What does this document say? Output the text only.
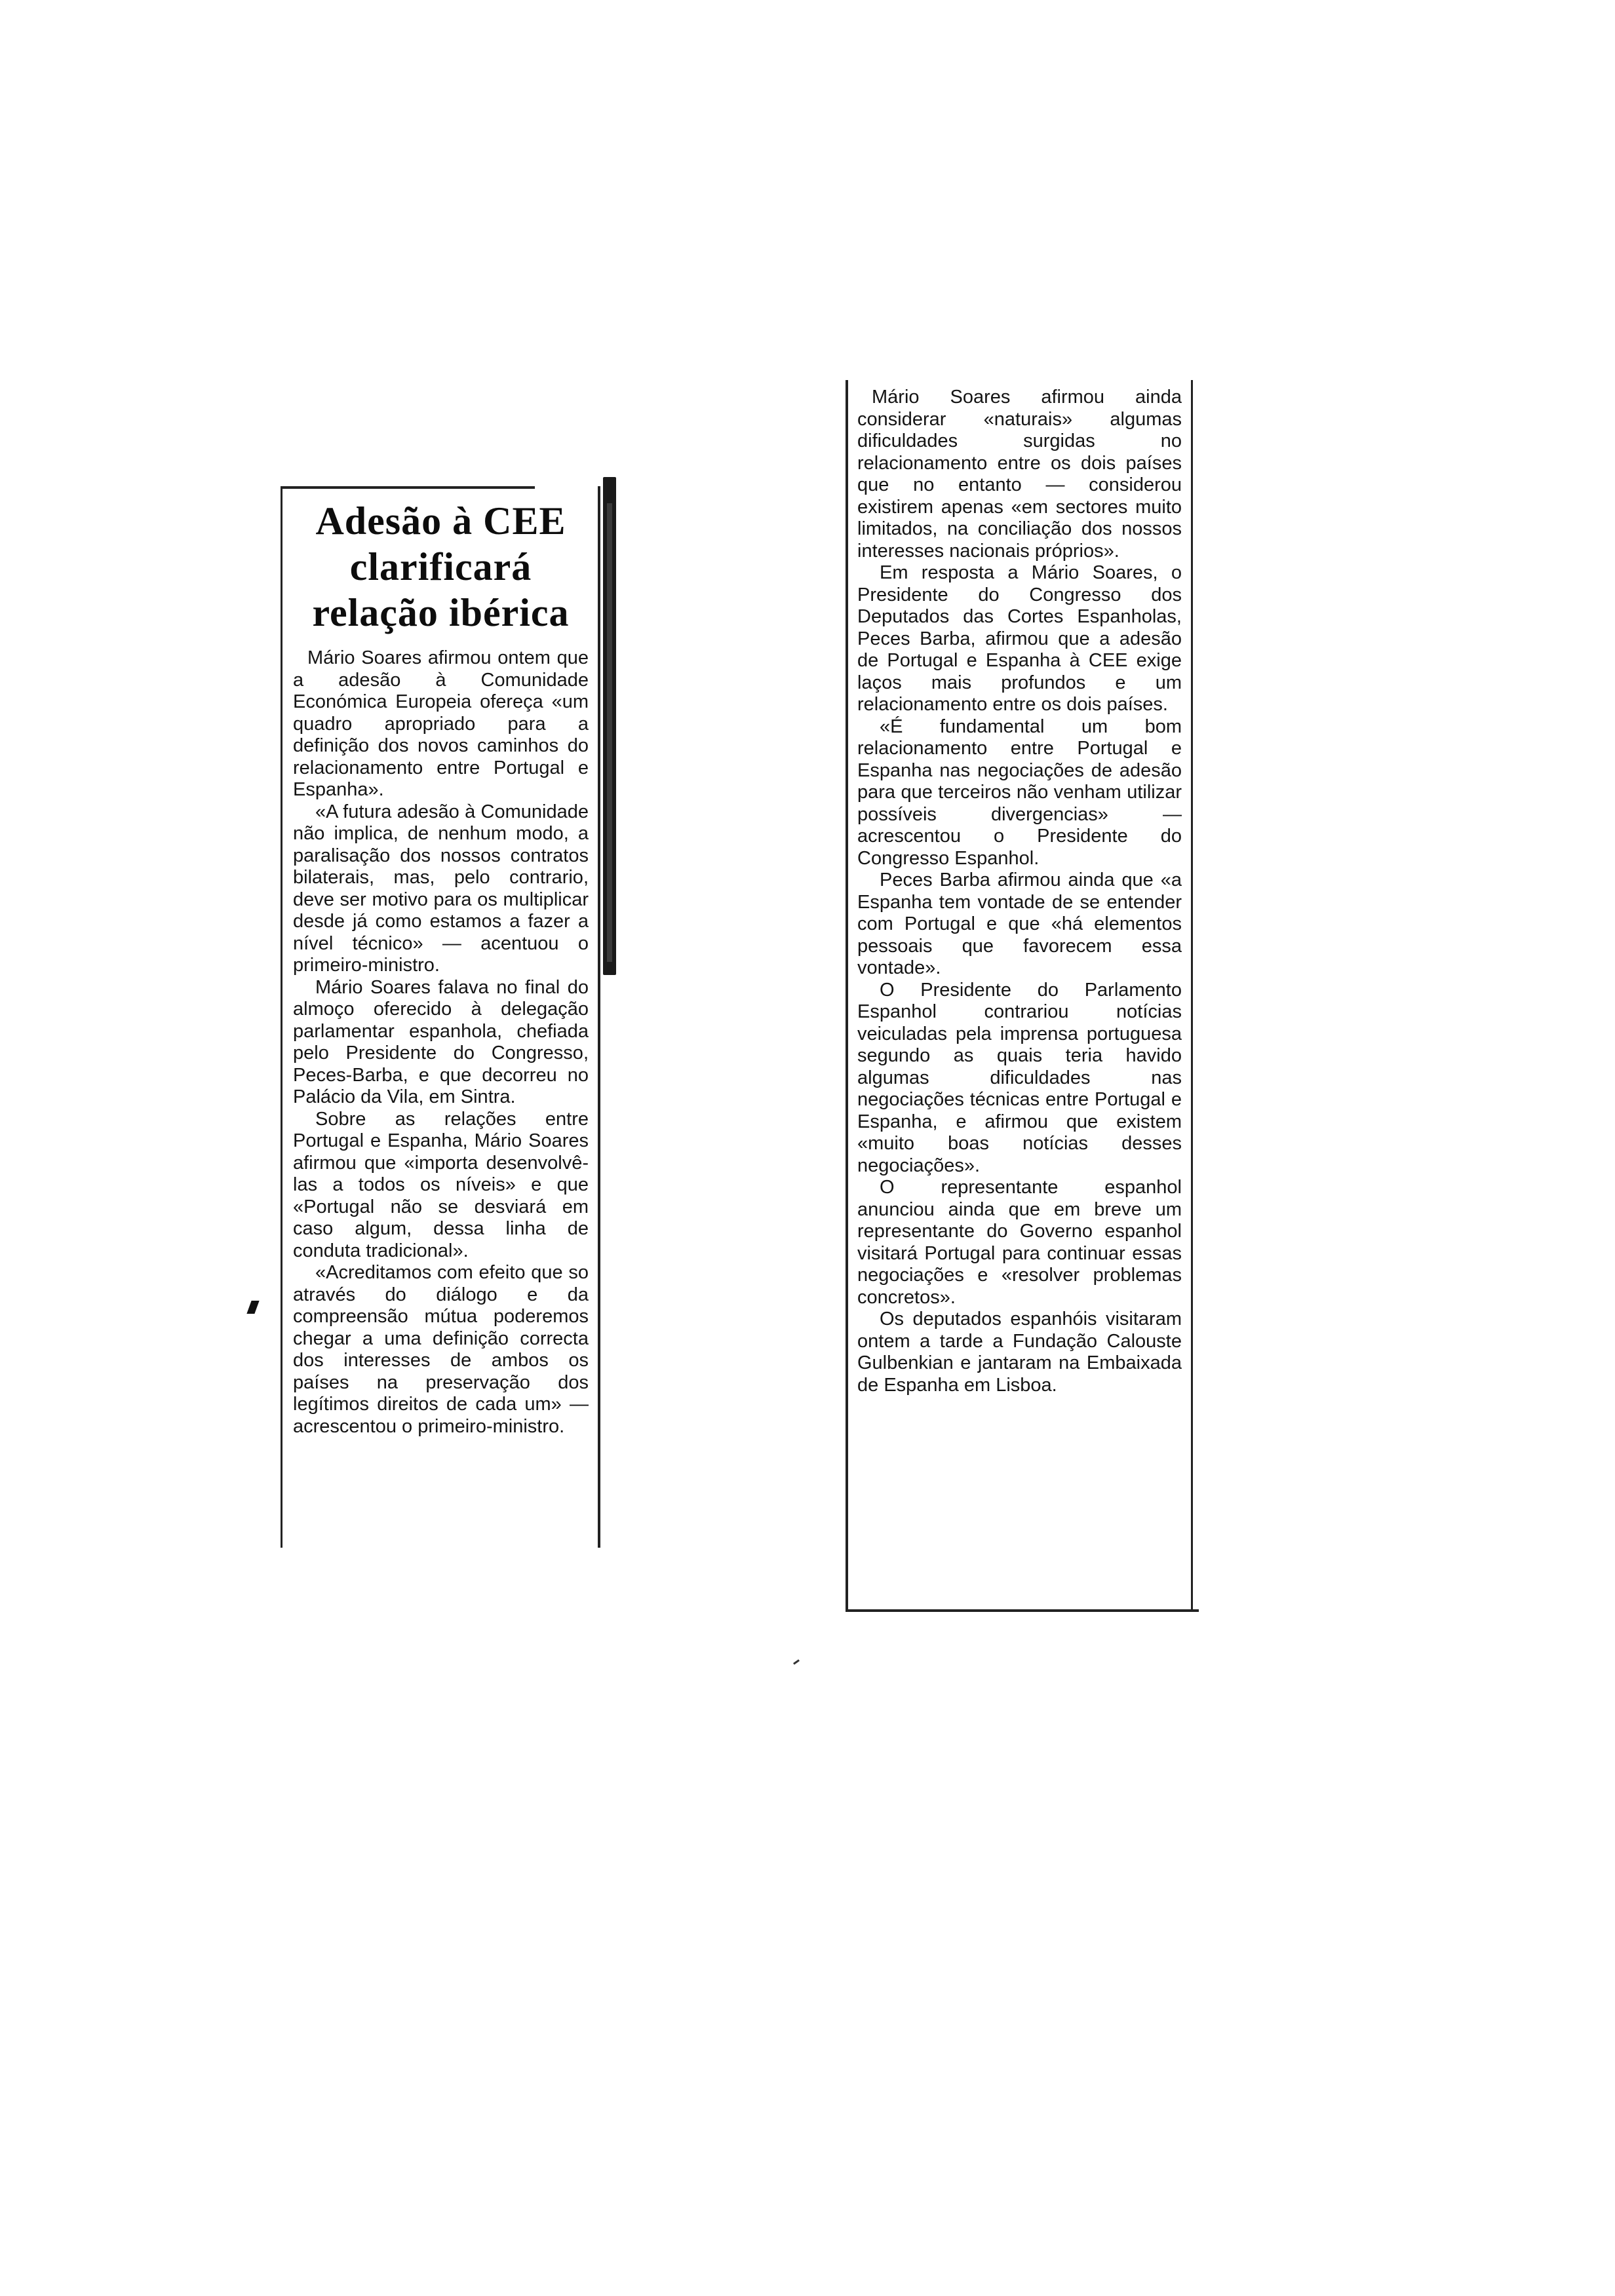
Adesão à CEE
clarificará
relação ibérica

Mário Soares afirmou ontem que a adesão à Comunidade Económica Europeia ofereça «um quadro apropriado para a definição dos novos caminhos do relacionamento entre Portugal e Espanha».

«A futura adesão à Comunidade não implica, de nenhum modo, a paralisação dos nossos contratos bilaterais, mas, pelo contrario, deve ser motivo para os multiplicar desde já como estamos a fazer a nível técnico» — acentuou o primeiro-ministro.

Mário Soares falava no final do almoço oferecido à delegação parlamentar espanhola, chefiada pelo Presidente do Congresso, Peces-Barba, e que decorreu no Palácio da Vila, em Sintra.

Sobre as relações entre Portugal e Espanha, Mário Soares afirmou que «importa desenvolvê-las a todos os níveis» e que «Portugal não se desviará em caso algum, dessa linha de conduta tradicional».

«Acreditamos com efeito que so através do diálogo e da compreensão mútua poderemos chegar a uma definição correcta dos interesses de ambos os países na preservação dos legítimos direitos de cada um» — acrescentou o primeiro-ministro.

Mário Soares afirmou ainda considerar «naturais» algumas dificuldades surgidas no relacionamento entre os dois países que no entanto — considerou existirem apenas «em sectores muito limitados, na conciliação dos nossos interesses nacionais próprios».

Em resposta a Mário Soares, o Presidente do Congresso dos Deputados das Cortes Espanholas, Peces Barba, afirmou que a adesão de Portugal e Espanha à CEE exige laços mais profundos e um relacionamento entre os dois países.

«É fundamental um bom relacionamento entre Portugal e Espanha nas negociações de adesão para que terceiros não venham utilizar possíveis divergencias» — acrescentou o Presidente do Congresso Espanhol.

Peces Barba afirmou ainda que «a Espanha tem vontade de se entender com Portugal e que «há elementos pessoais que favorecem essa vontade».

O Presidente do Parlamento Espanhol contrariou notícias veiculadas pela imprensa portuguesa segundo as quais teria havido algumas dificuldades nas negociações técnicas entre Portugal e Espanha, e afirmou que existem «muito boas notícias desses negociações».

O representante espanhol anunciou ainda que em breve um representante do Governo espanhol visitará Portugal para continuar essas negociações e «resolver problemas concretos».

Os deputados espanhóis visitaram ontem a tarde a Fundação Calouste Gulbenkian e jantaram na Embaixada de Espanha em Lisboa.
